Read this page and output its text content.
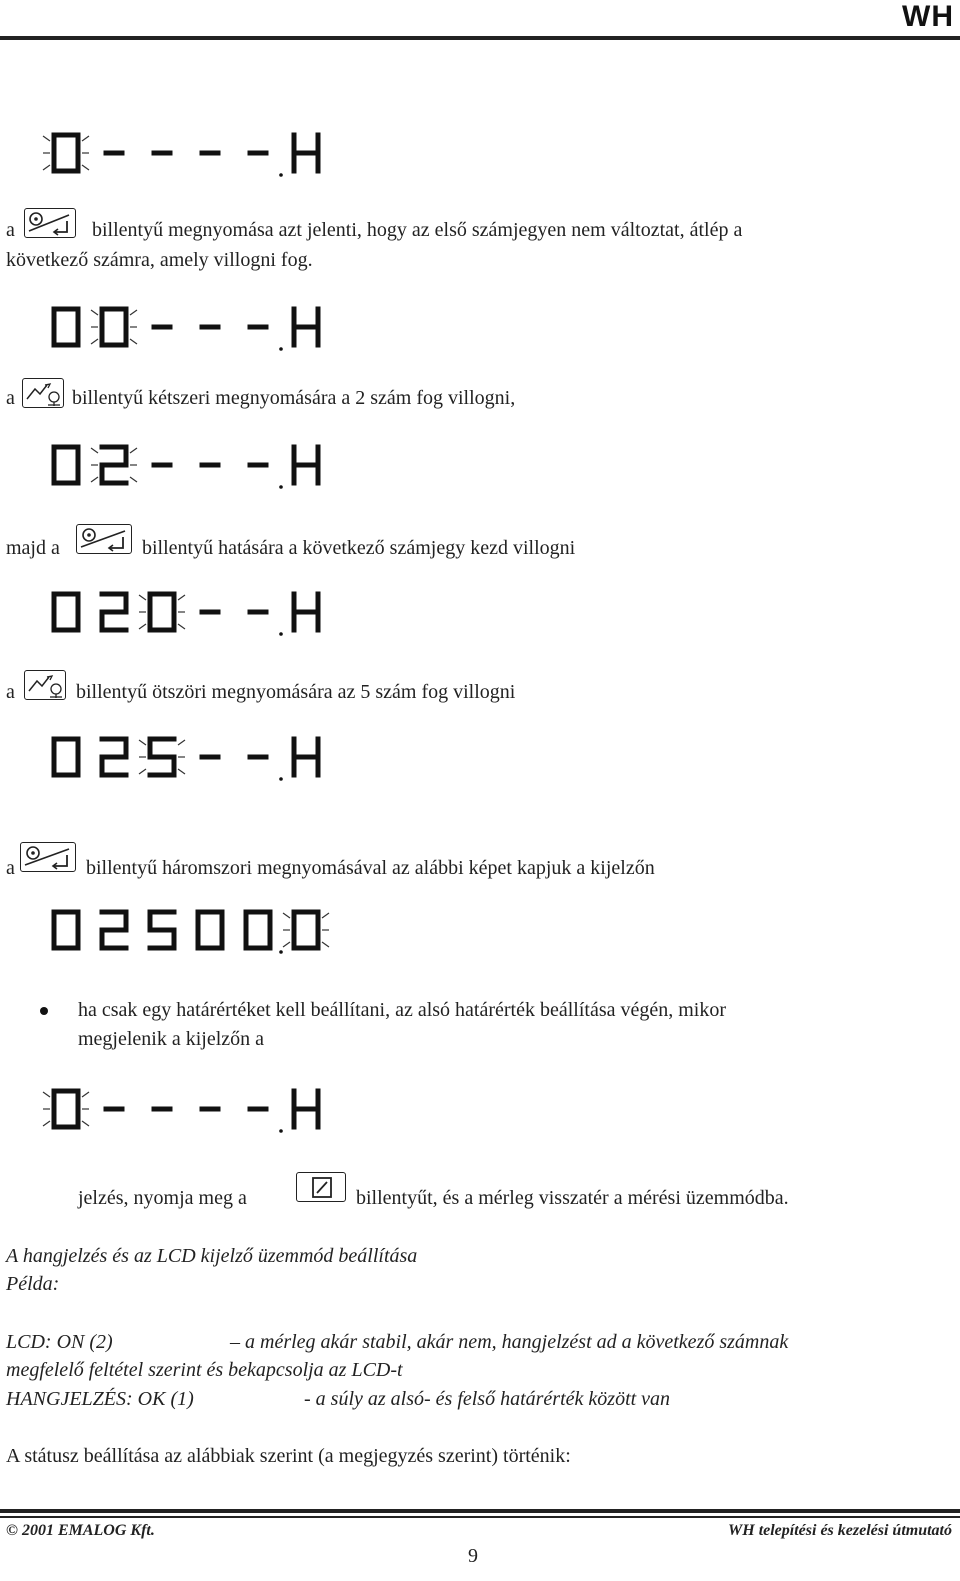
WH
a	billentyű megnyomása azt jelenti, hogy az első számjegyen nem változtat, átlép a
következő számra, amely villogni fog.
a	billentyű kétszeri megnyomására a 2 szám fog villogni,
majd a	billentyű hatására a következő számjegy kezd villogni
a	billentyű ötszöri megnyomására az 5 szám fog villogni
a	billentyű háromszori megnyomásával az alábbi képet kapjuk a kijelzőn
ha csak egy határértéket kell beállítani, az alsó határérték beállítása végén, mikor
megjelenik a kijelzőn a
jelzés, nyomja meg a	billentyűt, és a mérleg visszatér a mérési üzemmódba.
A hangjelzés és az LCD kijelző üzemmód beállítása
Példa:
LCD: ON (2)	– a mérleg akár stabil, akár nem, hangjelzést ad a következő számnak
megfelelő feltétel szerint és bekapcsolja az LCD-t
HANGJELZÉS: OK (1)	- a súly az alsó- és felső határérték között van
A státusz beállítása az alábbiak szerint (a megjegyzés szerint) történik:
© 2001 EMALOG Kft.	WH telepítési és kezelési útmutató
9
